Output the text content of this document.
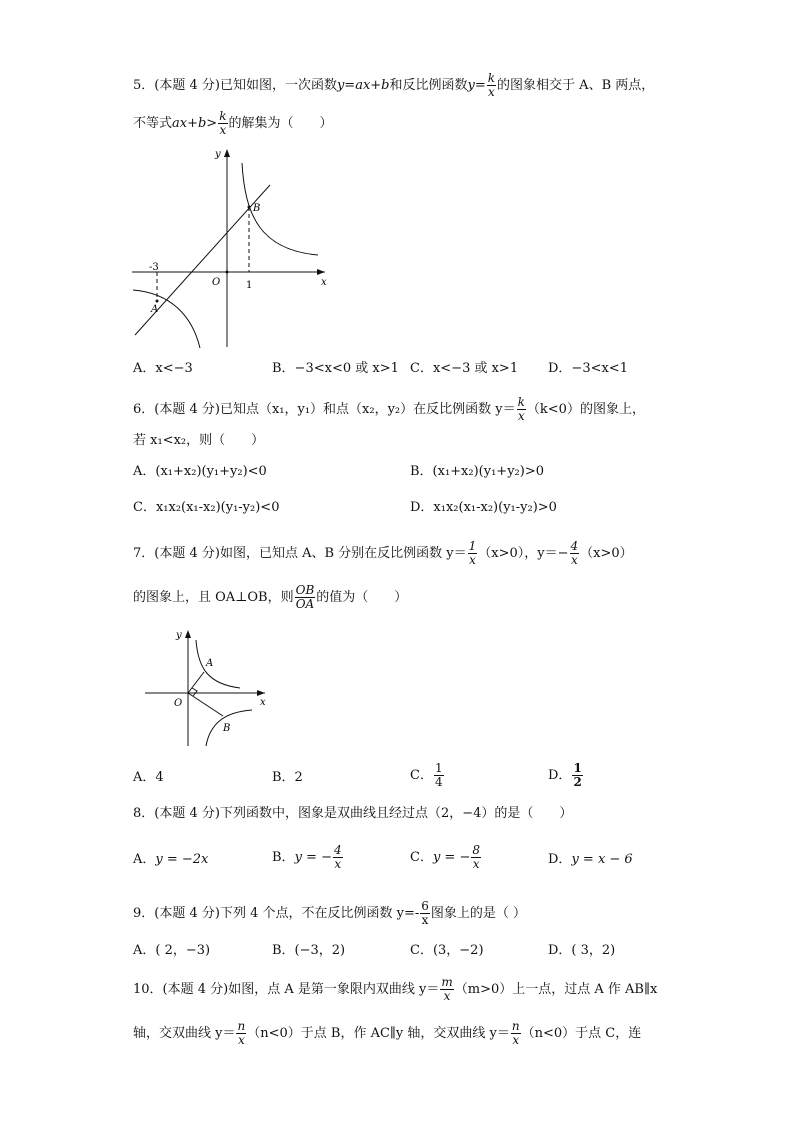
5．(本题 4 分)已知如图，一次函数y=ax+b和反比例函数$y= \frac{k}{x}$ 的图象相交于 A、B 两点，
不等式$ax+b> \frac{k}{x}$ 的解集为（　　）
y
x
O
B
A
-3
1
A．x<−3	B．−3<x<0 或 x>1 C．x<−3 或 x>1 D．−3<x<1
6．(本题 4 分)已知点（x₁，y₁）和点（x₂，y₂）在反比例函数 $y= \frac{k}{x} (k<0)$的图象上，
若 x₁<x₂，则（　　）
A．(x₁+x₂)(y₁+y₂)<0	B．(x₁+x₂)(y₁+y₂)>0
C．x₁x₂(x₁-x₂)(y₁-y₂)<0	D．x₁x₂(x₁-x₂)(y₁-y₂)>0
7．(本题 4 分)如图，已知点 A、B 分别在反比例函数 $y= \frac{1}{x} (x>0)$，$y=- \frac{4}{x} (x>0)$
的图象上，且 OA⊥OB，则 $\frac{OB}{OA}$ 的值为（　　）
y
x
O
A
B
A．4	B．2	C． $\frac{1}{4}$	D． $\frac{1}{2}$
8．(本题 4 分)下列函数中，图象是双曲线且经过点（2，−4）的是（　　）
A．y = −2x	B．y = − $\frac{4}{x}$	C．y = − $\frac{8}{x}$	D．y = x − 6
9．(本题 4 分)下列 4 个点，不在反比例函数 $y=- \frac{6}{x}$ 图象上的是（ ）
A．( 2，−3)	B．(−3，2)	C．(3，−2)	D．( 3，2)
10．(本题 4 分)如图，点 A 是第一象限内双曲线 $y= \frac{m}{x} (m>0)$上一点，过点 A 作 AB∥x
轴，交双曲线 $y= \frac{n}{x} (n<0)$于点 B，作 AC∥y 轴，交双曲线 $y= \frac{n}{x} (n<0)$于点 C，连
